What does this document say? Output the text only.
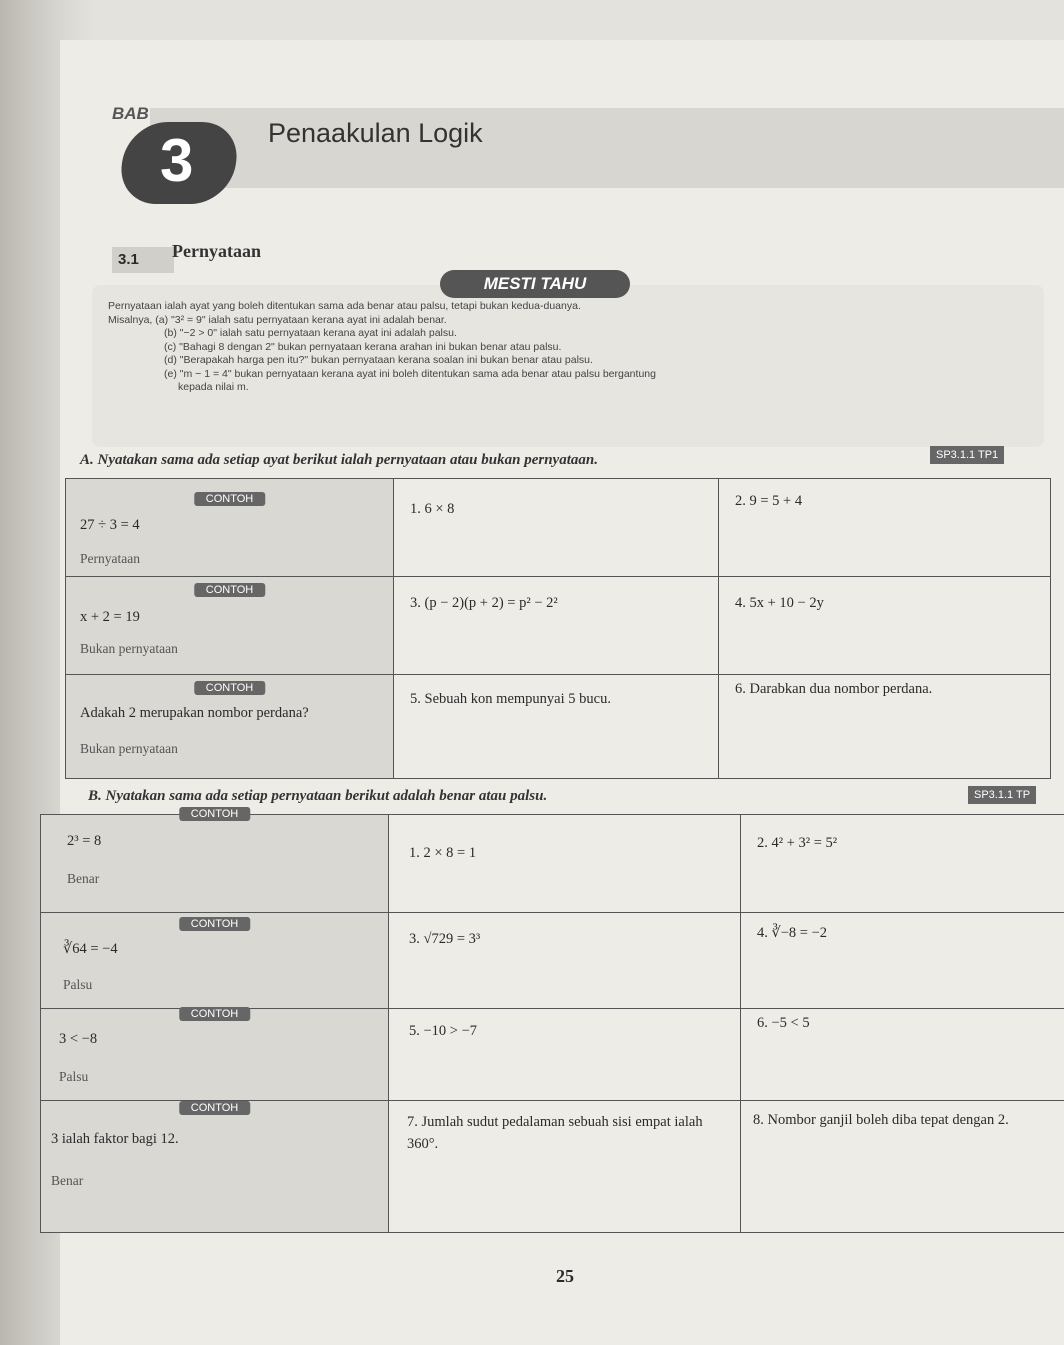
BAB
3	Penaakulan Logik
3.1	Pernyataan
MESTI TAHU
Pernyataan ialah ayat yang boleh ditentukan sama ada benar atau palsu, tetapi bukan kedua-duanya.
Misalnya, (a) "3² = 9" ialah satu pernyataan kerana ayat ini adalah benar.
(b) "−2 > 0" ialah satu pernyataan kerana ayat ini adalah palsu.
(c) "Bahagi 8 dengan 2" bukan pernyataan kerana arahan ini bukan benar atau palsu.
(d) "Berapakah harga pen itu?" bukan pernyataan kerana soalan ini bukan benar atau palsu.
(e) "m − 1 = 4" bukan pernyataan kerana ayat ini boleh ditentukan sama ada benar atau palsu bergantung
kepada nilai m.
A. Nyatakan sama ada setiap ayat berikut ialah pernyataan atau bukan pernyataan.	SP3.1.1 TP1
CONTOH
27 ÷ 3 = 4
Pernyataan	1. 6 × 8	2. 9 = 5 + 4

CONTOH
x + 2 = 19
Bukan pernyataan	3. (p − 2)(p + 2) = p² − 2²	4. 5x + 10 − 2y

CONTOH
Adakah 2 merupakan nombor perdana?
Bukan pernyataan	5. Sebuah kon mempunyai 5 bucu.	6. Darabkan dua nombor perdana.
B. Nyatakan sama ada setiap pernyataan berikut adalah benar atau palsu.	SP3.1.1 TP
CONTOH
2³ = 8
Benar	1. 2 × 8 = 1	2. 4² + 3² = 5²

CONTOH
∛64 = −4
Palsu	3. √729 = 3³	4. ∛−8 = −2

CONTOH
3 < −8
Palsu	5. −10 > −7	6. −5 < 5

CONTOH
3 ialah faktor bagi 12.
Benar	7. Jumlah sudut pedalaman sebuah sisi empat ialah 360°.	8. Nombor ganjil boleh diba tepat dengan 2.
25
